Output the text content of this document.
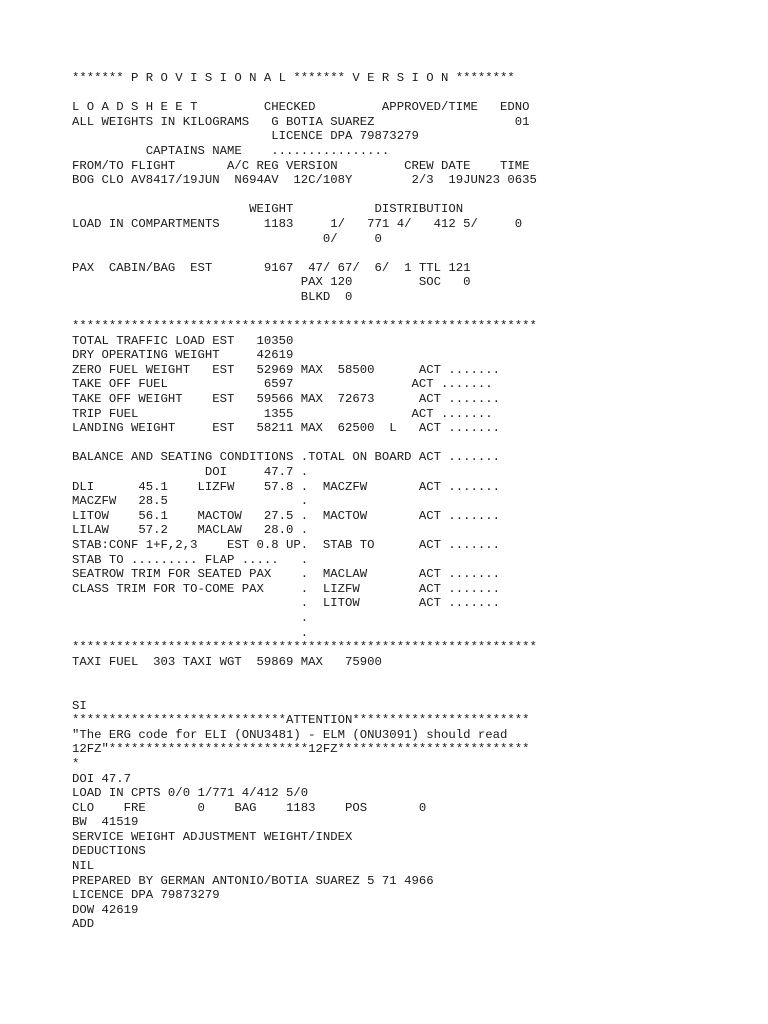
******* P R O V I S I O N A L ******* V E R S I O N ********
L O A D S H E E T         CHECKED         APPROVED/TIME   EDNO
ALL WEIGHTS IN KILOGRAMS   G BOTIA SUAREZ                   01
LICENCE DPA 79873279
CAPTAINS NAME    ................
FROM/TO FLIGHT       A/C REG VERSION         CREW DATE    TIME
BOG CLO AV8417/19JUN  N694AV  12C/108Y        2/3  19JUN23 0635
WEIGHT           DISTRIBUTION
LOAD IN COMPARTMENTS      1183     1/   771 4/   412 5/     0
0/     0
PAX  CABIN/BAG  EST       9167  47/ 67/  6/  1 TTL 121
PAX 120         SOC   0
BLKD  0
***************************************************************
TOTAL TRAFFIC LOAD EST   10350
DRY OPERATING WEIGHT     42619
ZERO FUEL WEIGHT   EST   52969 MAX  58500      ACT .......
TAKE OFF FUEL             6597                ACT .......
TAKE OFF WEIGHT    EST   59566 MAX  72673      ACT .......
TRIP FUEL                 1355                ACT .......
LANDING WEIGHT     EST   58211 MAX  62500  L   ACT .......
BALANCE AND SEATING CONDITIONS .TOTAL ON BOARD ACT .......
DOI     47.7 .
DLI      45.1    LIZFW    57.8 .  MACZFW       ACT .......
MACZFW   28.5                  .
LITOW    56.1    MACTOW   27.5 .  MACTOW       ACT .......
LILAW    57.2    MACLAW   28.0 .
STAB:CONF 1+F,2,3    EST 0.8 UP.  STAB TO      ACT .......
STAB TO ......... FLAP .....   .
SEATROW TRIM FOR SEATED PAX    .  MACLAW       ACT .......
CLASS TRIM FOR TO-COME PAX     .  LIZFW        ACT .......
.  LITOW        ACT .......
.
.
***************************************************************
TAXI FUEL  303 TAXI WGT  59869 MAX   75900
SI
*****************************ATTENTION************************
"The ERG code for ELI (ONU3481) - ELM (ONU3091) should read
12FZ"***************************12FZ**************************
*
DOI 47.7
LOAD IN CPTS 0/0 1/771 4/412 5/0
CLO    FRE       0    BAG    1183    POS       0
BW  41519
SERVICE WEIGHT ADJUSTMENT WEIGHT/INDEX
DEDUCTIONS
NIL
PREPARED BY GERMAN ANTONIO/BOTIA SUAREZ 5 71 4966
LICENCE DPA 79873279
DOW 42619
ADD
